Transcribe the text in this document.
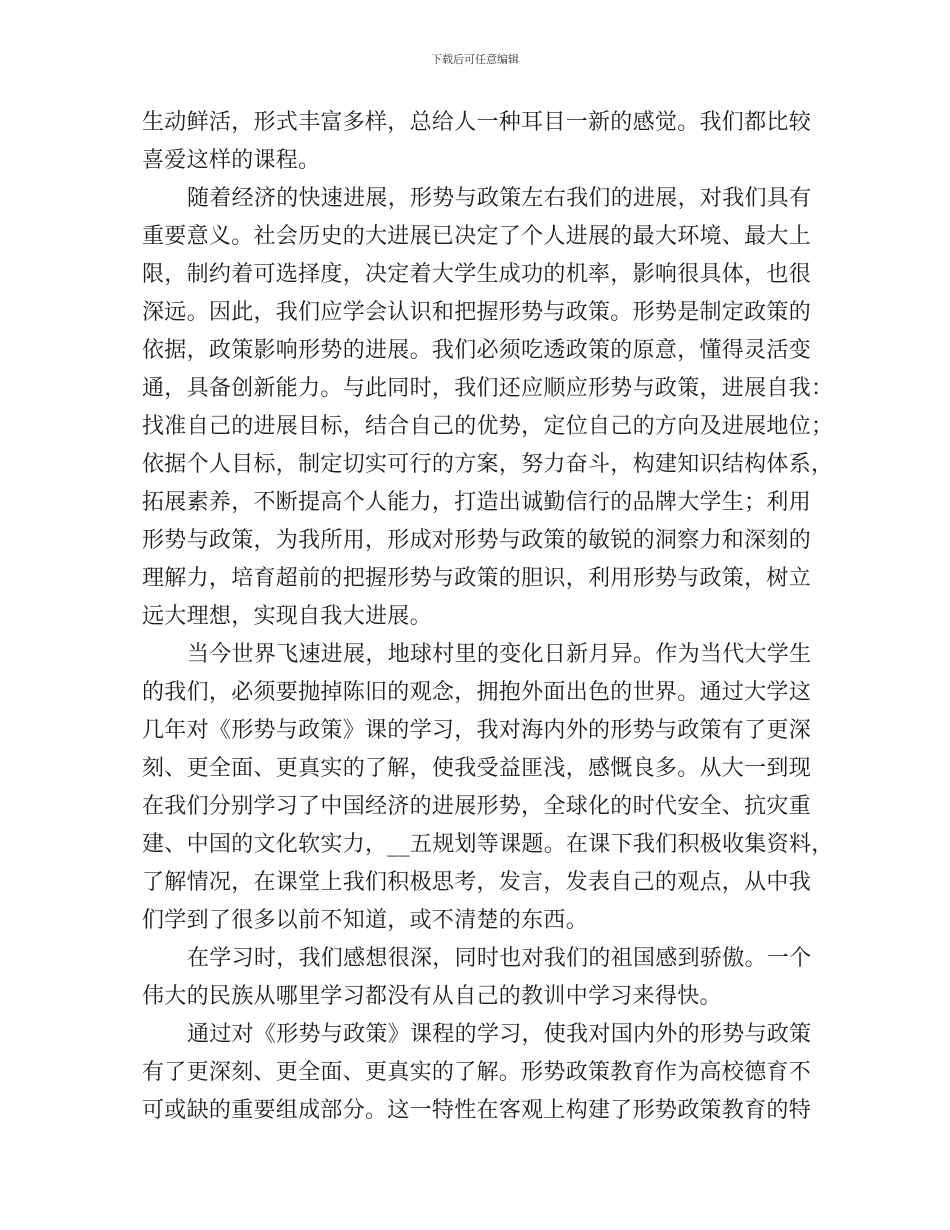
下载后可任意编辑
生动鲜活，形式丰富多样，总给人一种耳目一新的感觉。我们都比较
喜爱这样的课程。
随着经济的快速进展，形势与政策左右我们的进展，对我们具有
重要意义。社会历史的大进展已决定了个人进展的最大环境、最大上
限，制约着可选择度，决定着大学生成功的机率，影响很具体，也很
深远。因此，我们应学会认识和把握形势与政策。形势是制定政策的
依据，政策影响形势的进展。我们必须吃透政策的原意，懂得灵活变
通，具备创新能力。与此同时，我们还应顺应形势与政策，进展自我：
找准自己的进展目标，结合自己的优势，定位自己的方向及进展地位；
依据个人目标，制定切实可行的方案，努力奋斗，构建知识结构体系，
拓展素养，不断提高个人能力，打造出诚勤信行的品牌大学生；利用
形势与政策，为我所用，形成对形势与政策的敏锐的洞察力和深刻的
理解力，培育超前的把握形势与政策的胆识，利用形势与政策，树立
远大理想，实现自我大进展。
当今世界飞速进展，地球村里的变化日新月异。作为当代大学生
的我们，必须要抛掉陈旧的观念，拥抱外面出色的世界。通过大学这
几年对《形势与政策》课的学习，我对海内外的形势与政策有了更深
刻、更全面、更真实的了解，使我受益匪浅，感慨良多。从大一到现
在我们分别学习了中国经济的进展形势，全球化的时代安全、抗灾重
建、中国的文化软实力，__五规划等课题。在课下我们积极收集资料，
了解情况，在课堂上我们积极思考，发言，发表自己的观点，从中我
们学到了很多以前不知道，或不清楚的东西。
在学习时，我们感想很深，同时也对我们的祖国感到骄傲。一个
伟大的民族从哪里学习都没有从自己的教训中学习来得快。
通过对《形势与政策》课程的学习，使我对国内外的形势与政策
有了更深刻、更全面、更真实的了解。形势政策教育作为高校德育不
可或缺的重要组成部分。这一特性在客观上构建了形势政策教育的特
